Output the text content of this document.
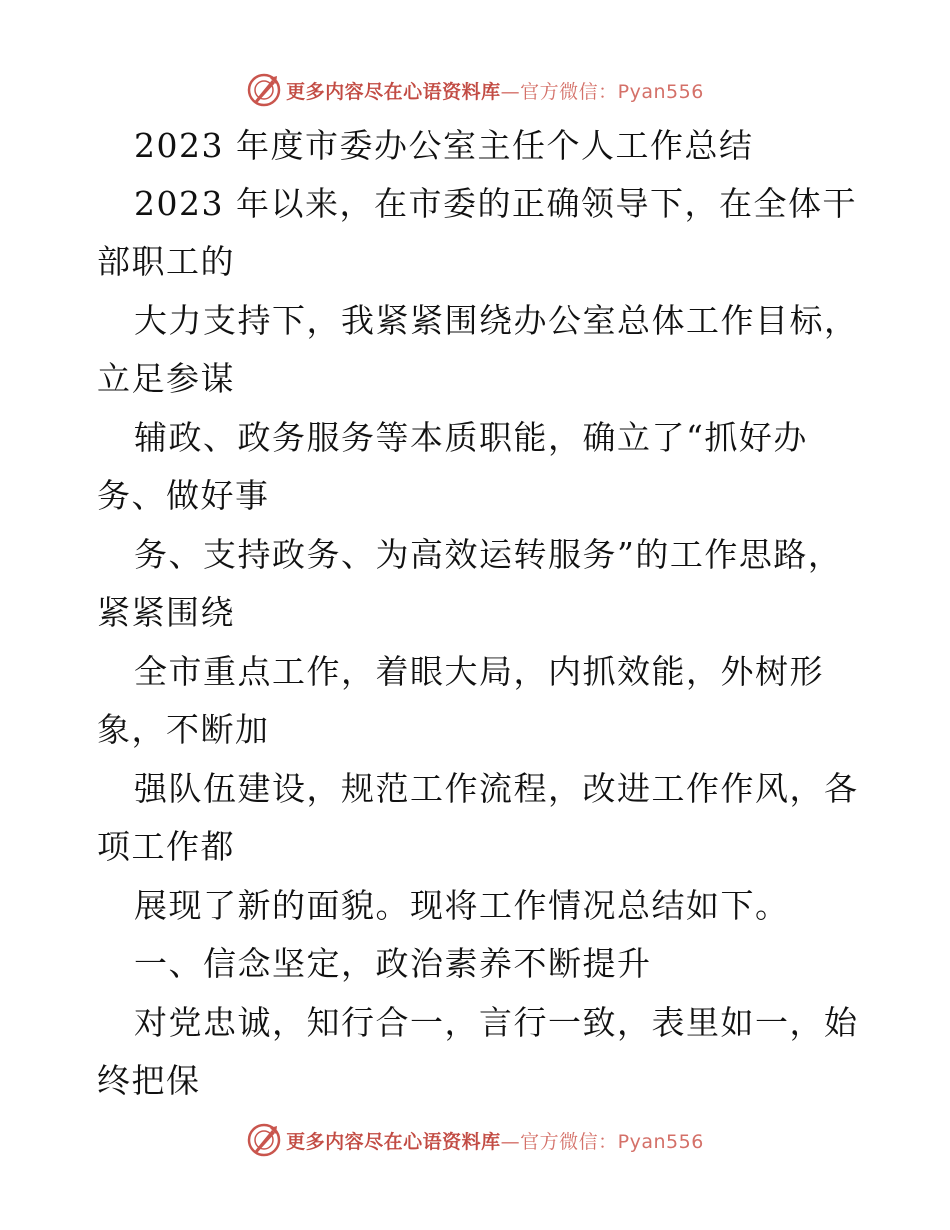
更多内容尽在心语资料库—官方微信：Pyan556
2023 年度市委办公室主任个人工作总结
2023 年以来，在市委的正确领导下，在全体干
部职工的
大力支持下，我紧紧围绕办公室总体工作目标，
立足参谋
辅政、政务服务等本质职能，确立了“抓好办
务、做好事
务、支持政务、为高效运转服务”的工作思路，
紧紧围绕
全市重点工作，着眼大局，内抓效能，外树形
象，不断加
强队伍建设，规范工作流程，改进工作作风，各
项工作都
展现了新的面貌。现将工作情况总结如下。
一、信念坚定，政治素养不断提升
对党忠诚，知行合一，言行一致，表里如一，始
终把保
更多内容尽在心语资料库—官方微信：Pyan556
